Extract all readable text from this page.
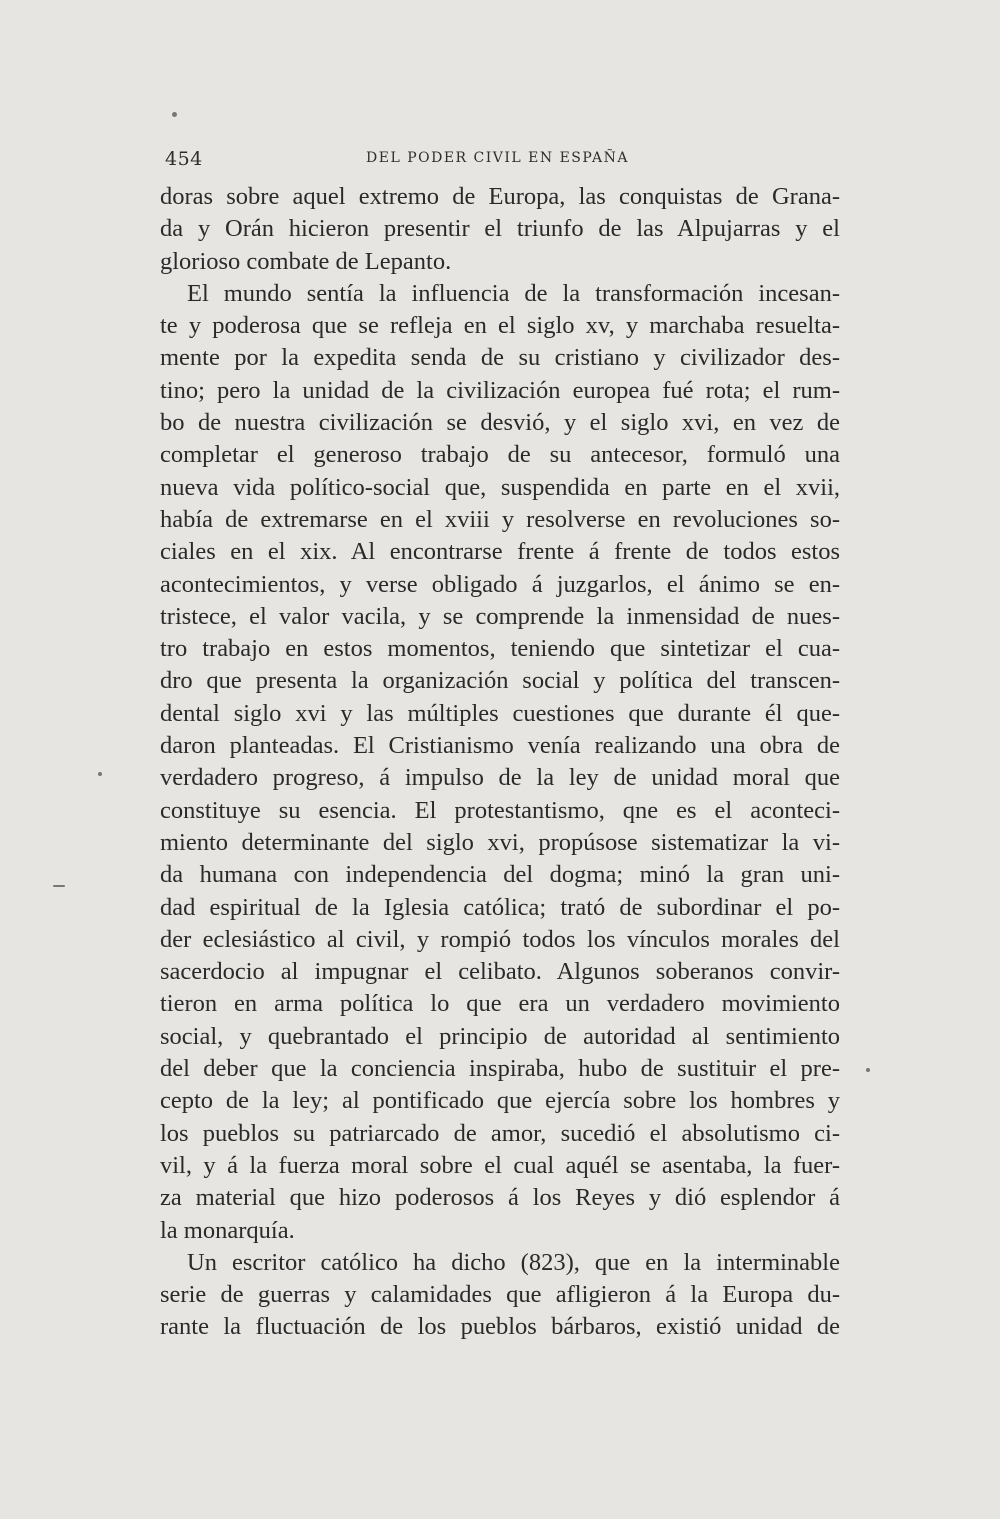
454	DEL PODER CIVIL EN ESPAÑA
doras sobre aquel extremo de Europa, las conquistas de Grana-
da y Orán hicieron presentir el triunfo de las Alpujarras y el
glorioso combate de Lepanto.
El mundo sentía la influencia de la transformación incesan-
te y poderosa que se refleja en el siglo xv, y marchaba resuelta-
mente por la expedita senda de su cristiano y civilizador des-
tino; pero la unidad de la civilización europea fué rota; el rum-
bo de nuestra civilización se desvió, y el siglo xvi, en vez de
completar el generoso trabajo de su antecesor, formuló una
nueva vida político-social que, suspendida en parte en el xvii,
había de extremarse en el xviii y resolverse en revoluciones so-
ciales en el xix. Al encontrarse frente á frente de todos estos
acontecimientos, y verse obligado á juzgarlos, el ánimo se en-
tristece, el valor vacila, y se comprende la inmensidad de nues-
tro trabajo en estos momentos, teniendo que sintetizar el cua-
dro que presenta la organización social y política del transcen-
dental siglo xvi y las múltiples cuestiones que durante él que-
daron planteadas. El Cristianismo venía realizando una obra de
verdadero progreso, á impulso de la ley de unidad moral que
constituye su esencia. El protestantismo, qne es el aconteci-
miento determinante del siglo xvi, propúsose sistematizar la vi-
da humana con independencia del dogma; minó la gran uni-
dad espiritual de la Iglesia católica; trató de subordinar el po-
der eclesiástico al civil, y rompió todos los vínculos morales del
sacerdocio al impugnar el celibato. Algunos soberanos convir-
tieron en arma política lo que era un verdadero movimiento
social, y quebrantado el principio de autoridad al sentimiento
del deber que la conciencia inspiraba, hubo de sustituir el pre-
cepto de la ley; al pontificado que ejercía sobre los hombres y
los pueblos su patriarcado de amor, sucedió el absolutismo ci-
vil, y á la fuerza moral sobre el cual aquél se asentaba, la fuer-
za material que hizo poderosos á los Reyes y dió esplendor á
la monarquía.
Un escritor católico ha dicho (823), que en la interminable
serie de guerras y calamidades que afligieron á la Europa du-
rante la fluctuación de los pueblos bárbaros, existió unidad de
